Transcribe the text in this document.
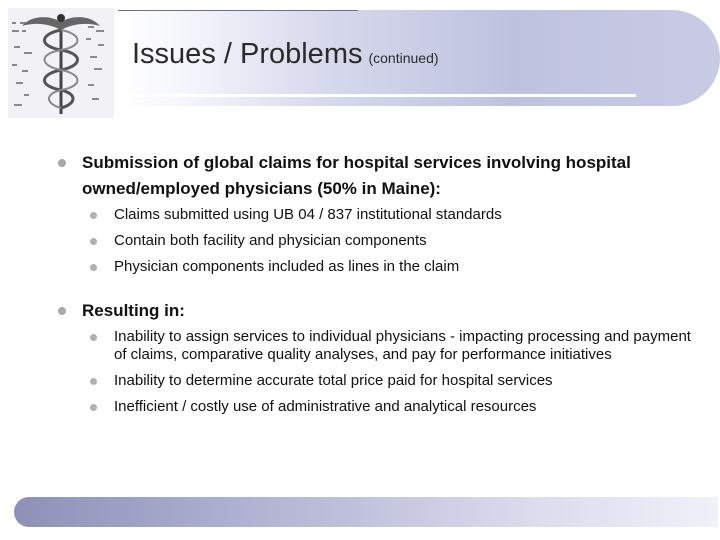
Issues / Problems (continued)

Submission of global claims for hospital services involving hospital owned/employed physicians (50% in Maine):

Claims submitted using UB 04 / 837 institutional standards
Contain both facility and physician components
Physician components included as lines in the claim

Resulting in:

Inability to assign services to individual physicians - impacting processing and payment of claims, comparative quality analyses, and pay for performance initiatives
Inability to determine accurate total price paid for hospital services
Inefficient / costly use of administrative and analytical resources
